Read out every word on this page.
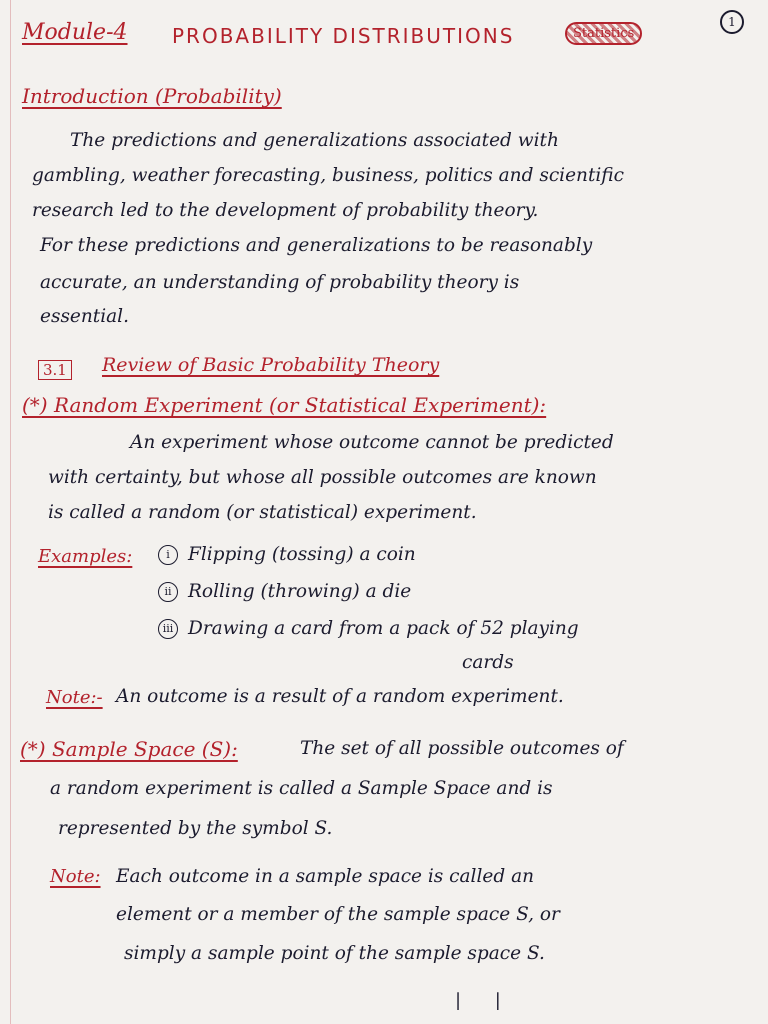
Module-4 PROBABILITY DISTRIBUTIONS	Statistics
1
Introduction (Probability)
The predictions and generalizations associated with
gambling, weather forecasting, business, politics and scientific
research led to the development of probability theory.
For these predictions and generalizations to be reasonably
accurate, an understanding of probability theory is
essential.
3.1 Review of Basic Probability Theory
(*) Random Experiment (or Statistical Experiment):
An experiment whose outcome cannot be predicted
with certainty, but whose all possible outcomes are known
is called a random (or statistical) experiment.
Examples:	i Flipping (tossing) a coin
ii Rolling (throwing) a die
iii Drawing a card from a pack of 52 playing
cards
Note:- An outcome is a result of a random experiment.
(*) Sample Space (S):	The set of all possible outcomes of
a random experiment is called a Sample Space and is
represented by the symbol S.
Note: Each outcome in a sample space is called an
element or a member of the sample space S, or
simply a sample point of the sample space S.
| |
